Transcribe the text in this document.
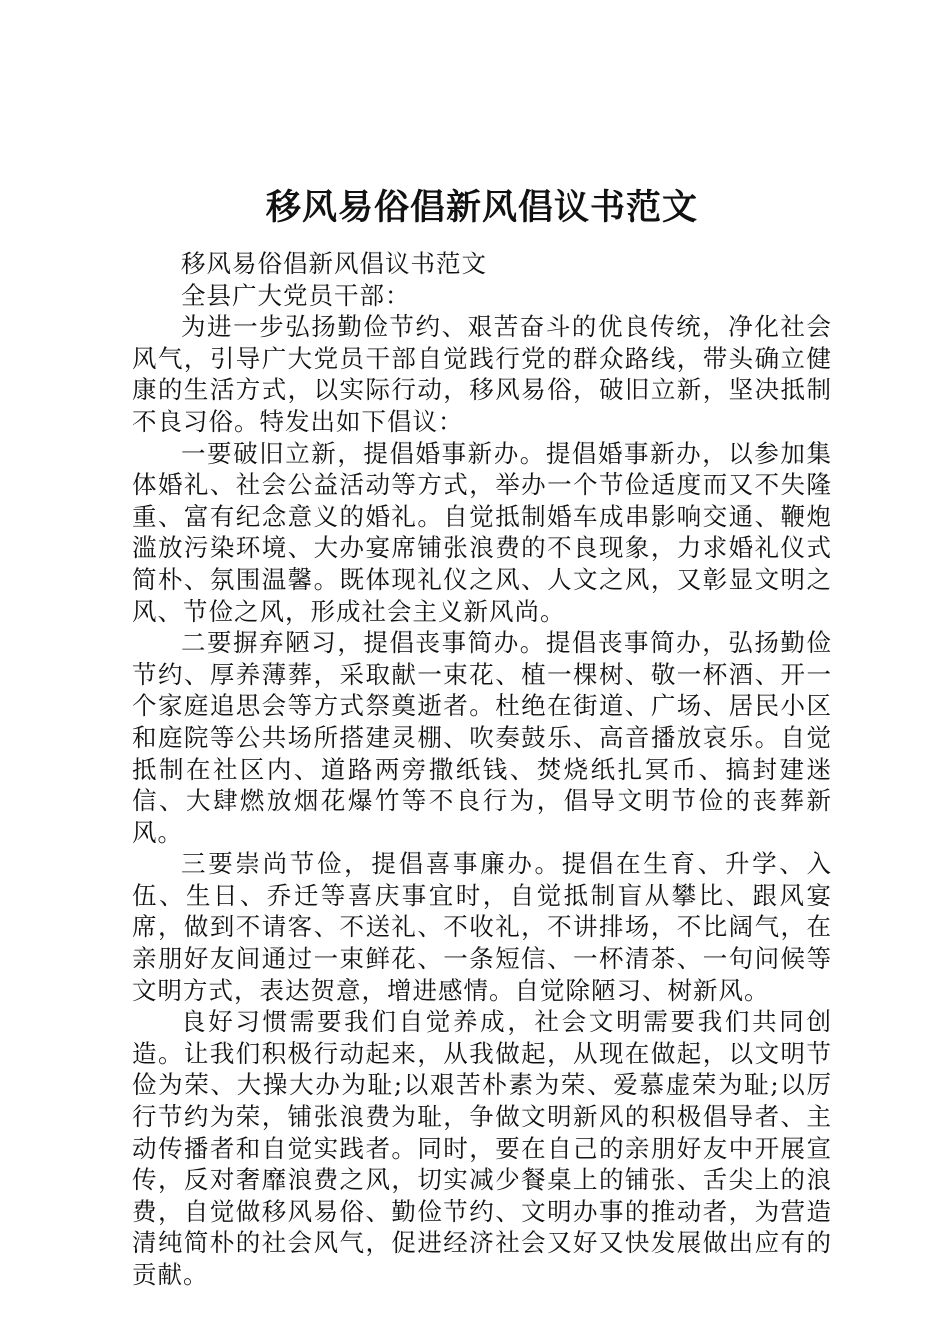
移风易俗倡新风倡议书范文

移风易俗倡新风倡议书范文

全县广大党员干部：

为进一步弘扬勤俭节约、艰苦奋斗的优良传统，净化社会风气，引导广大党员干部自觉践行党的群众路线，带头确立健康的生活方式，以实际行动，移风易俗，破旧立新，坚决抵制不良习俗。特发出如下倡议：

一要破旧立新，提倡婚事新办。提倡婚事新办，以参加集体婚礼、社会公益活动等方式，举办一个节俭适度而又不失隆重、富有纪念意义的婚礼。自觉抵制婚车成串影响交通、鞭炮滥放污染环境、大办宴席铺张浪费的不良现象，力求婚礼仪式简朴、氛围温馨。既体现礼仪之风、人文之风，又彰显文明之风、节俭之风，形成社会主义新风尚。

二要摒弃陋习，提倡丧事简办。提倡丧事简办，弘扬勤俭节约、厚养薄葬，采取献一束花、植一棵树、敬一杯酒、开一个家庭追思会等方式祭奠逝者。杜绝在街道、广场、居民小区和庭院等公共场所搭建灵棚、吹奏鼓乐、高音播放哀乐。自觉抵制在社区内、道路两旁撒纸钱、焚烧纸扎冥币、搞封建迷信、大肆燃放烟花爆竹等不良行为，倡导文明节俭的丧葬新风。

三要崇尚节俭，提倡喜事廉办。提倡在生育、升学、入伍、生日、乔迁等喜庆事宜时，自觉抵制盲从攀比、跟风宴席，做到不请客、不送礼、不收礼，不讲排场，不比阔气，在亲朋好友间通过一束鲜花、一条短信、一杯清茶、一句问候等文明方式，表达贺意，增进感情。自觉除陋习、树新风。

良好习惯需要我们自觉养成，社会文明需要我们共同创造。让我们积极行动起来，从我做起，从现在做起，以文明节俭为荣、大操大办为耻;以艰苦朴素为荣、爱慕虚荣为耻;以厉行节约为荣，铺张浪费为耻，争做文明新风的积极倡导者、主动传播者和自觉实践者。同时，要在自己的亲朋好友中开展宣传，反对奢靡浪费之风，切实减少餐桌上的铺张、舌尖上的浪费，自觉做移风易俗、勤俭节约、文明办事的推动者，为营造清纯简朴的社会风气，促进经济社会又好又快发展做出应有的贡献。
